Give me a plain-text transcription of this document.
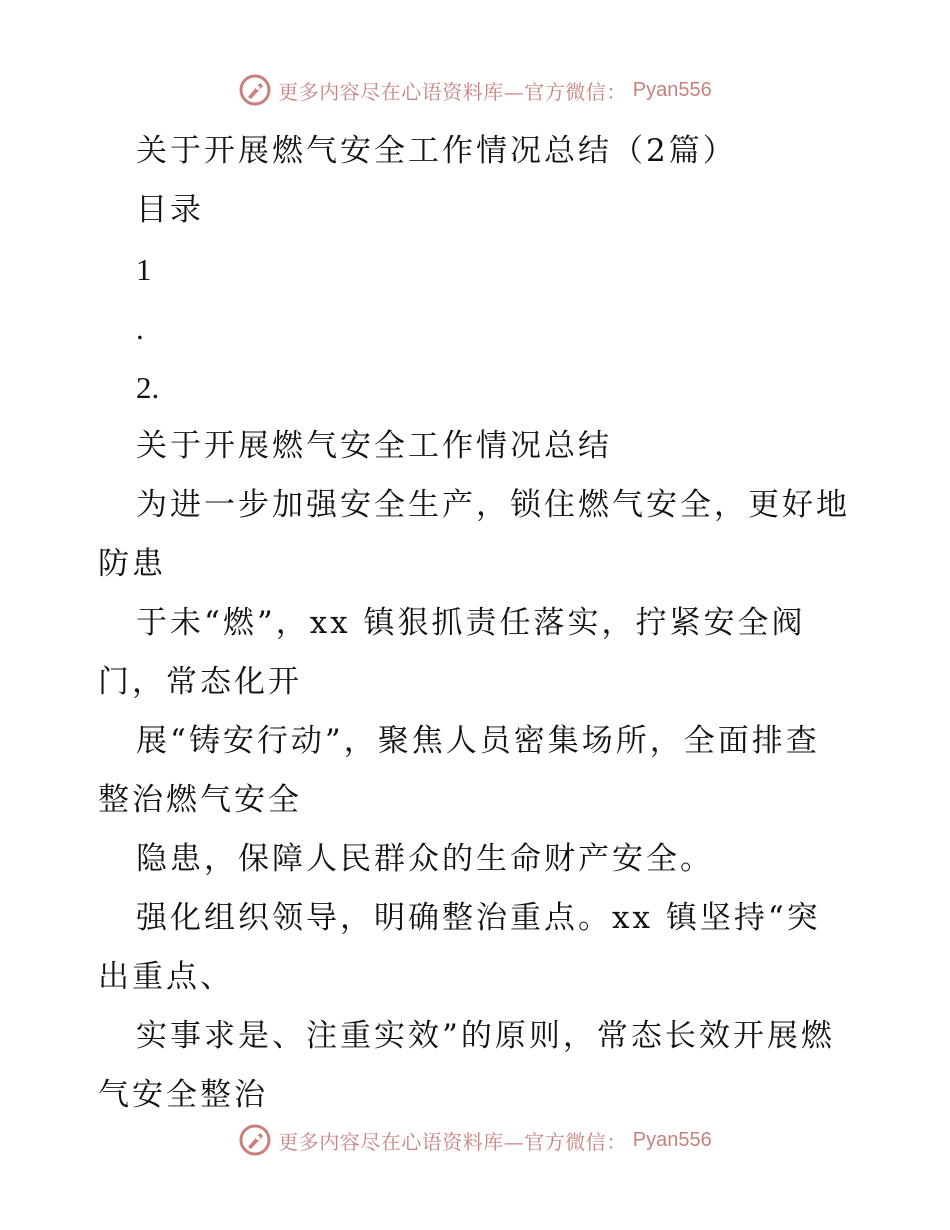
更多内容尽在心语资料库—官方微信： Pyan556
关于开展燃气安全工作情况总结（2篇）
目录
1
.
2.
关于开展燃气安全工作情况总结
为进一步加强安全生产，锁住燃气安全，更好地
防患
于未“燃”，xx 镇狠抓责任落实，拧紧安全阀
门，常态化开
展“铸安行动”，聚焦人员密集场所，全面排查
整治燃气安全
隐患，保障人民群众的生命财产安全。
强化组织领导，明确整治重点。xx 镇坚持“突
出重点、
实事求是、注重实效”的原则，常态长效开展燃
气安全整治
更多内容尽在心语资料库—官方微信： Pyan556
